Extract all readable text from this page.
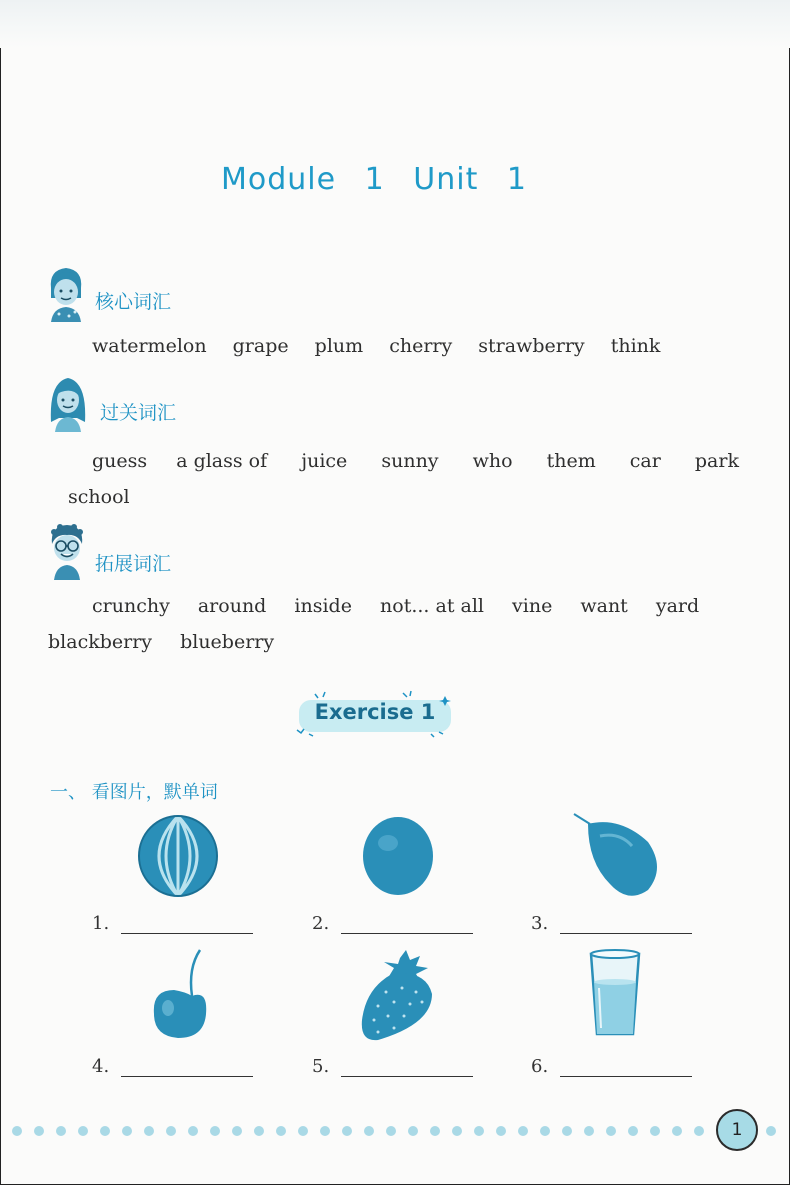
Module 1 Unit 1
核心词汇
watermelon grape plum cherry strawberry think
过关词汇
guess a glass of juice sunny who them car park
school
拓展词汇
crunchy around inside not... at all vine want yard
blackberry blueberry
Exercise 1
一、 看图片，默单词
1.	2.	3.
4.	5.	6.
1
